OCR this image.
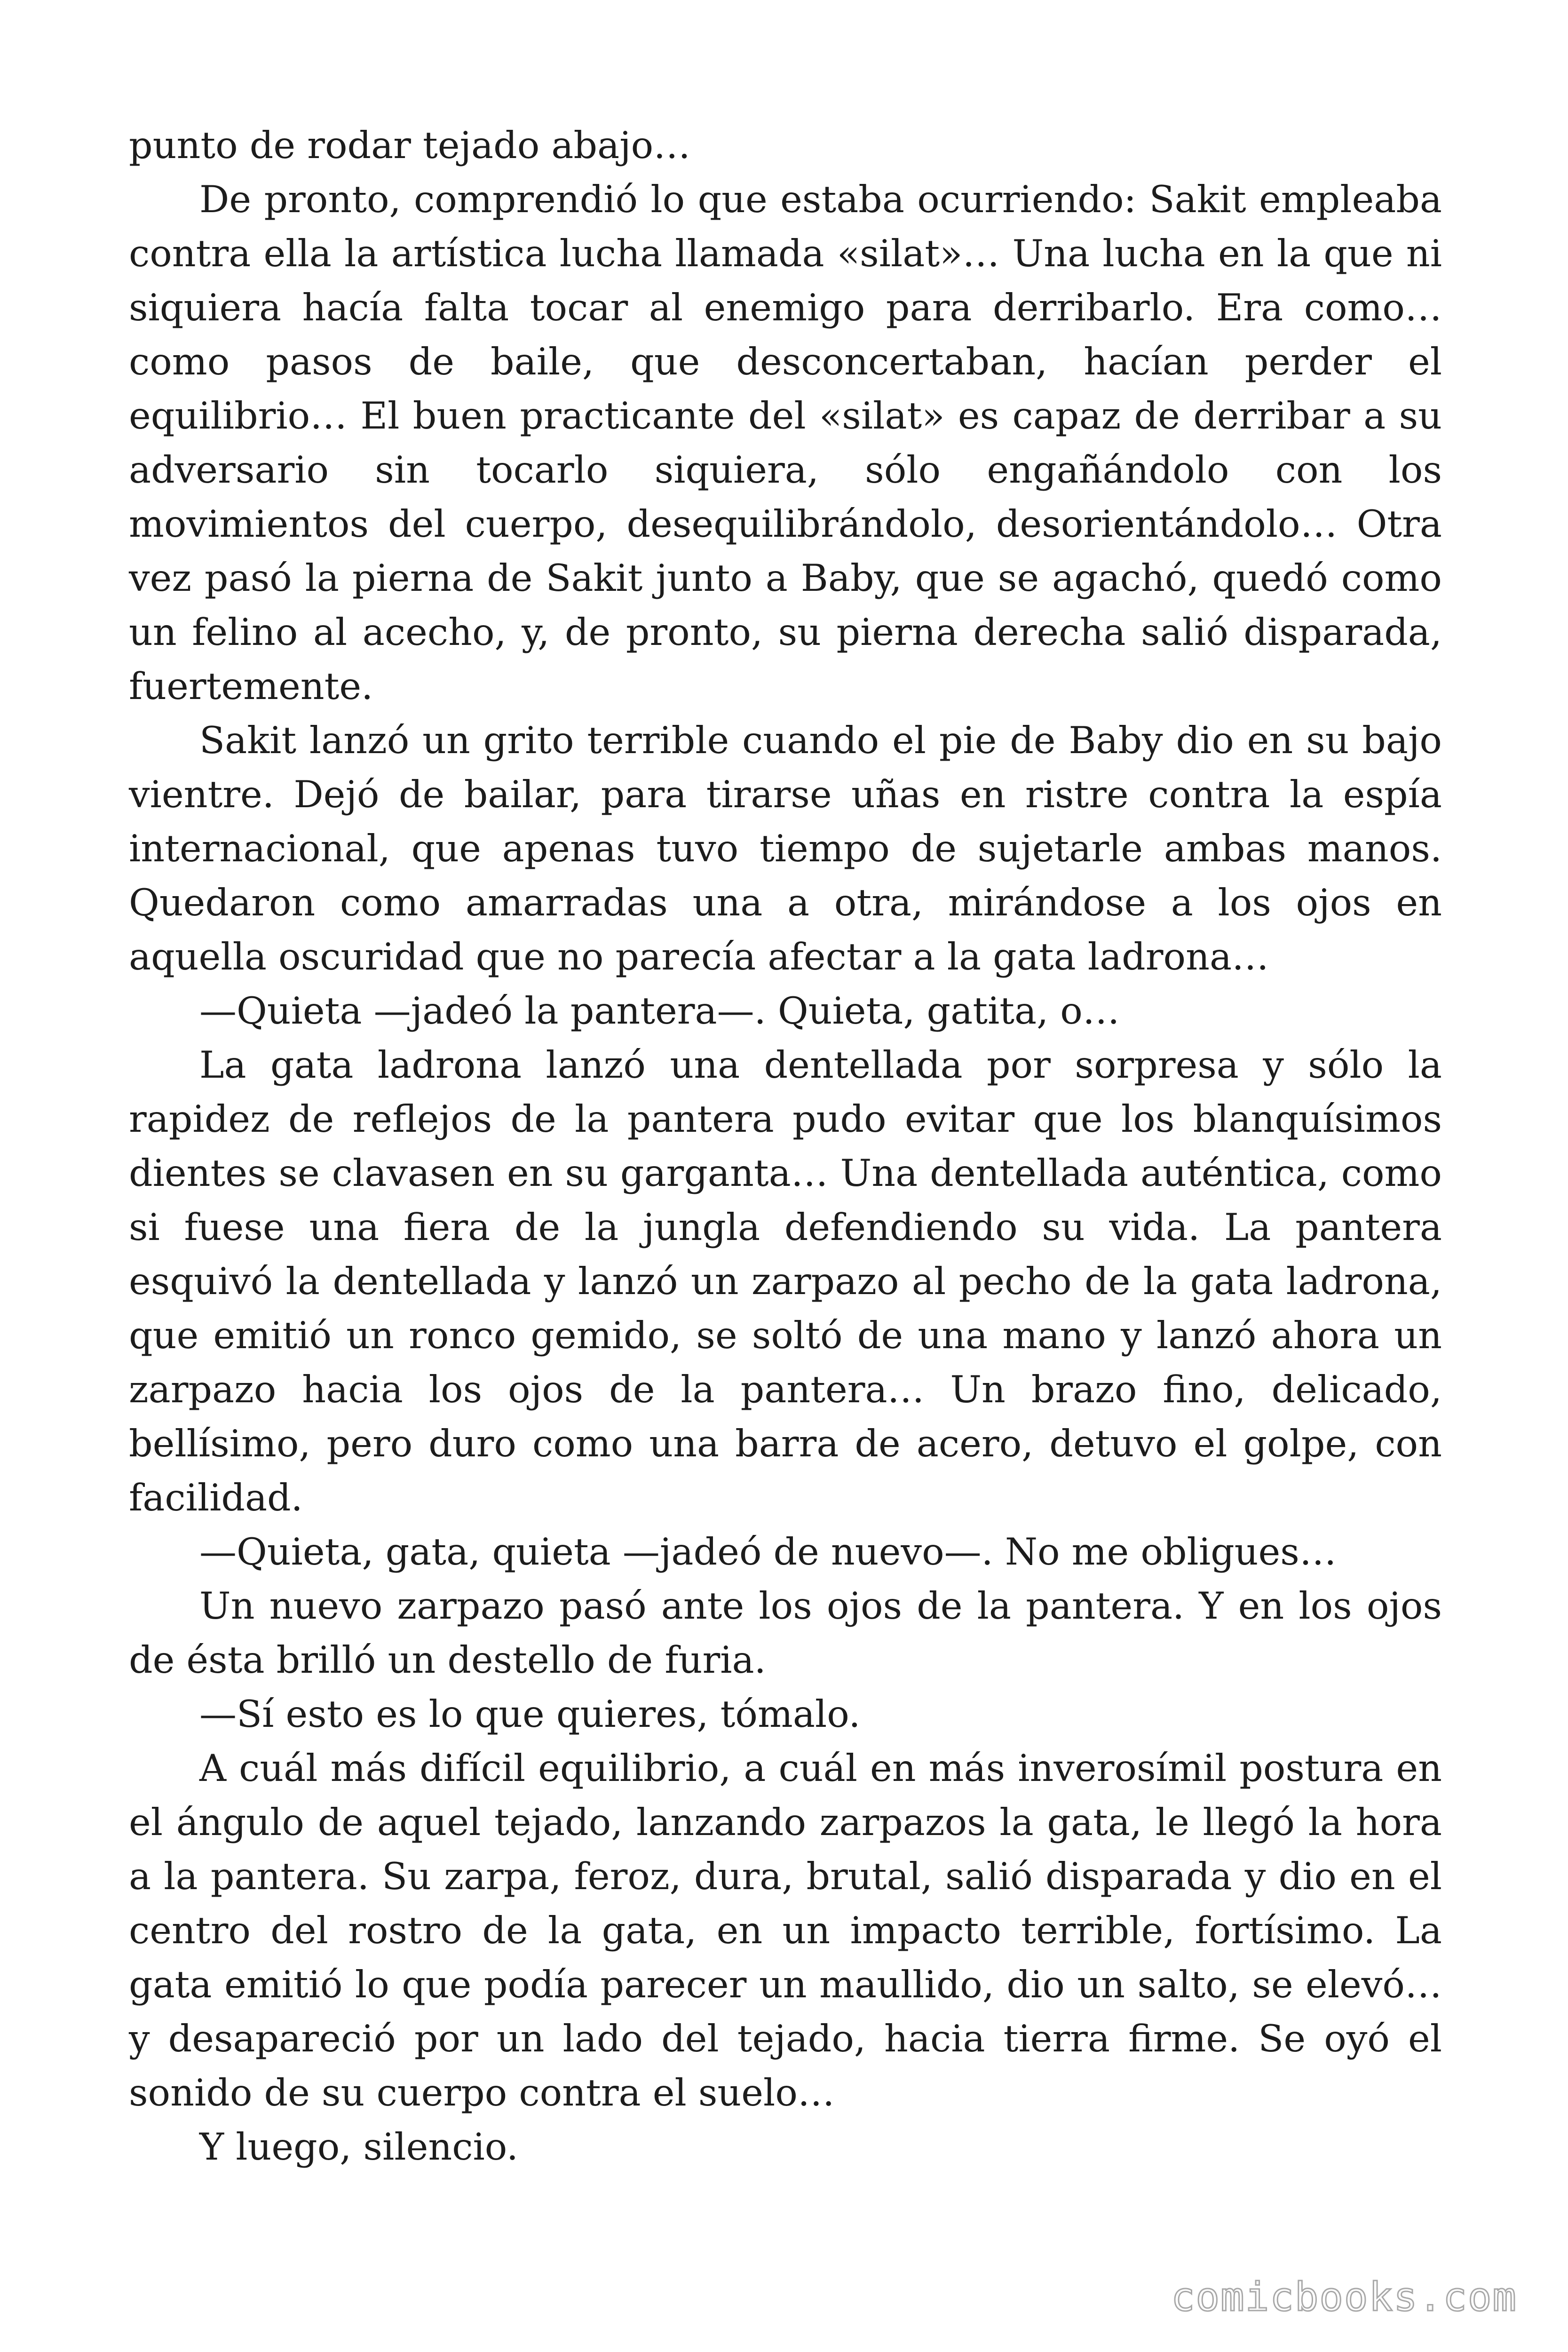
punto de rodar tejado abajo…

De pronto, comprendió lo que estaba ocurriendo: Sakit empleaba contra ella la artística lucha llamada «silat»… Una lucha en la que ni siquiera hacía falta tocar al enemigo para derribarlo. Era como… como pasos de baile, que desconcertaban, hacían perder el equilibrio… El buen practicante del «silat» es capaz de derribar a su adversario sin tocarlo siquiera, sólo engañándolo con los movimientos del cuerpo, desequilibrándolo, desorientándolo… Otra vez pasó la pierna de Sakit junto a Baby, que se agachó, quedó como un felino al acecho, y, de pronto, su pierna derecha salió disparada, fuertemente.

Sakit lanzó un grito terrible cuando el pie de Baby dio en su bajo vientre. Dejó de bailar, para tirarse uñas en ristre contra la espía internacional, que apenas tuvo tiempo de sujetarle ambas manos. Quedaron como amarradas una a otra, mirándose a los ojos en aquella oscuridad que no parecía afectar a la gata ladrona…

—Quieta —jadeó la pantera—. Quieta, gatita, o…

La gata ladrona lanzó una dentellada por sorpresa y sólo la rapidez de reflejos de la pantera pudo evitar que los blanquísimos dientes se clavasen en su garganta… Una dentellada auténtica, como si fuese una fiera de la jungla defendiendo su vida. La pantera esquivó la dentellada y lanzó un zarpazo al pecho de la gata ladrona, que emitió un ronco gemido, se soltó de una mano y lanzó ahora un zarpazo hacia los ojos de la pantera… Un brazo fino, delicado, bellísimo, pero duro como una barra de acero, detuvo el golpe, con facilidad.

—Quieta, gata, quieta —jadeó de nuevo—. No me obligues…

Un nuevo zarpazo pasó ante los ojos de la pantera. Y en los ojos de ésta brilló un destello de furia.

—Sí esto es lo que quieres, tómalo.

A cuál más difícil equilibrio, a cuál en más inverosímil postura en el ángulo de aquel tejado, lanzando zarpazos la gata, le llegó la hora a la pantera. Su zarpa, feroz, dura, brutal, salió disparada y dio en el centro del rostro de la gata, en un impacto terrible, fortísimo. La gata emitió lo que podía parecer un maullido, dio un salto, se elevó… y desapareció por un lado del tejado, hacia tierra firme. Se oyó el sonido de su cuerpo contra el suelo…

Y luego, silencio.

comicbooks.com
